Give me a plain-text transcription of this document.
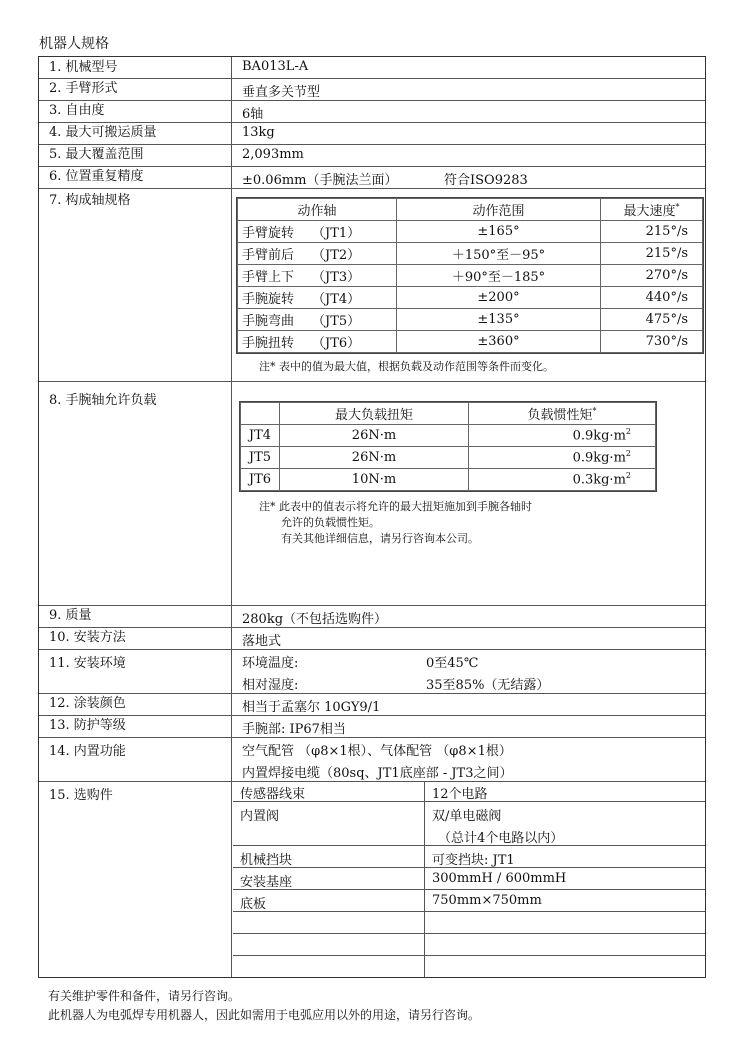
机器人规格
1. 机械型号	BA013L-A
2. 手臂形式	垂直多关节型
3. 自由度	6轴
4. 最大可搬运质量	13kg
5. 最大覆盖范围	2,093mm
6. 位置重复精度	±0.06mm（手腕法兰面）	符合ISO9283
7. 构成轴规格
动作轴	动作范围	最大速度*
手臂旋转 （JT1）	±165°	215°/s
手臂前后 （JT2）	＋150°至－95°	215°/s
手臂上下 （JT3）	＋90°至－185°	270°/s
手腕旋转 （JT4）	±200°	440°/s
手腕弯曲 （JT5）	±135°	475°/s
手腕扭转 （JT6）	±360°	730°/s
注* 表中的值为最大值，根据负载及动作范围等条件而变化。
8. 手腕轴允许负载
	最大负载扭矩	负载惯性矩*
JT4	26N·m	$0.9kg\cdot m^2$
JT5	26N·m	$0.9kg\cdot m^2$
JT6	10N·m	$0.3kg\cdot m^2$
注* 此表中的值表示将允许的最大扭矩施加到手腕各轴时
允许的负载惯性矩。
有关其他详细信息，请另行咨询本公司。
9. 质量	280kg（不包括选购件）
10. 安装方法	落地式
11. 安装环境	环境温度:	0至45℃
相对湿度:	35至85%（无结露）
12. 涂装颜色	相当于孟塞尔 10GY9/1
13. 防护等级	手腕部: IP67相当
14. 内置功能	空气配管 （φ8×1根）、气体配管 （φ8×1根）
内置焊接电缆（80sq、JT1底座部 - JT3之间）
15. 选购件	传感器线束	12个电路
内置阀	双/单电磁阀
（总计4个电路以内）
机械挡块	可变挡块: JT1
安装基座	300mmH / 600mmH
底板	750mm×750mm
有关维护零件和备件，请另行咨询。
此机器人为电弧焊专用机器人，因此如需用于电弧应用以外的用途，请另行咨询。
